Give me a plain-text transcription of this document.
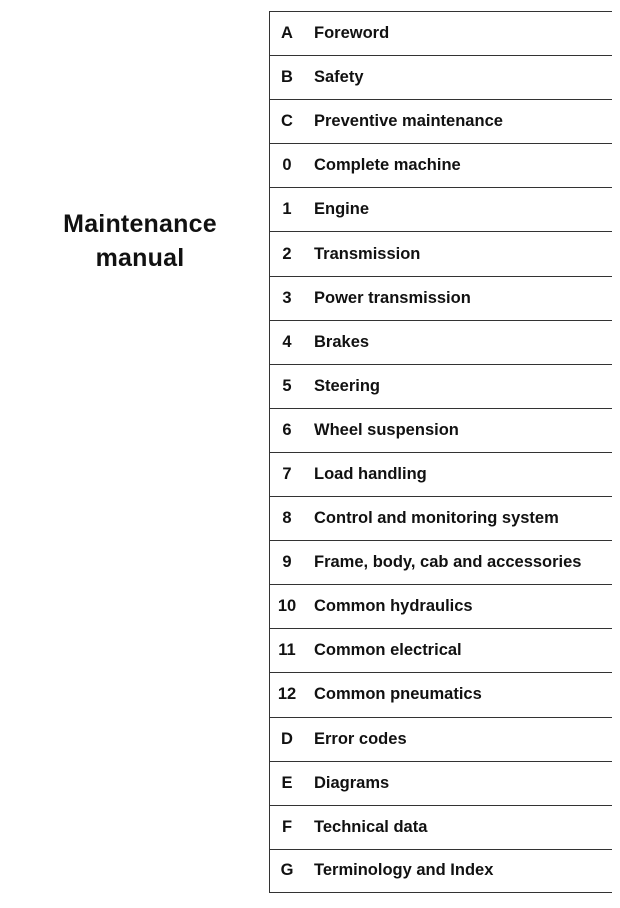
Maintenance
manual
A	Foreword
B	Safety
C	Preventive maintenance
0	Complete machine
1	Engine
2	Transmission
3	Power transmission
4	Brakes
5	Steering
6	Wheel suspension
7	Load handling
8	Control and monitoring system
9	Frame, body, cab and accessories
10	Common hydraulics
11	Common electrical
12	Common pneumatics
D	Error codes
E	Diagrams
F	Technical data
G	Terminology and Index
